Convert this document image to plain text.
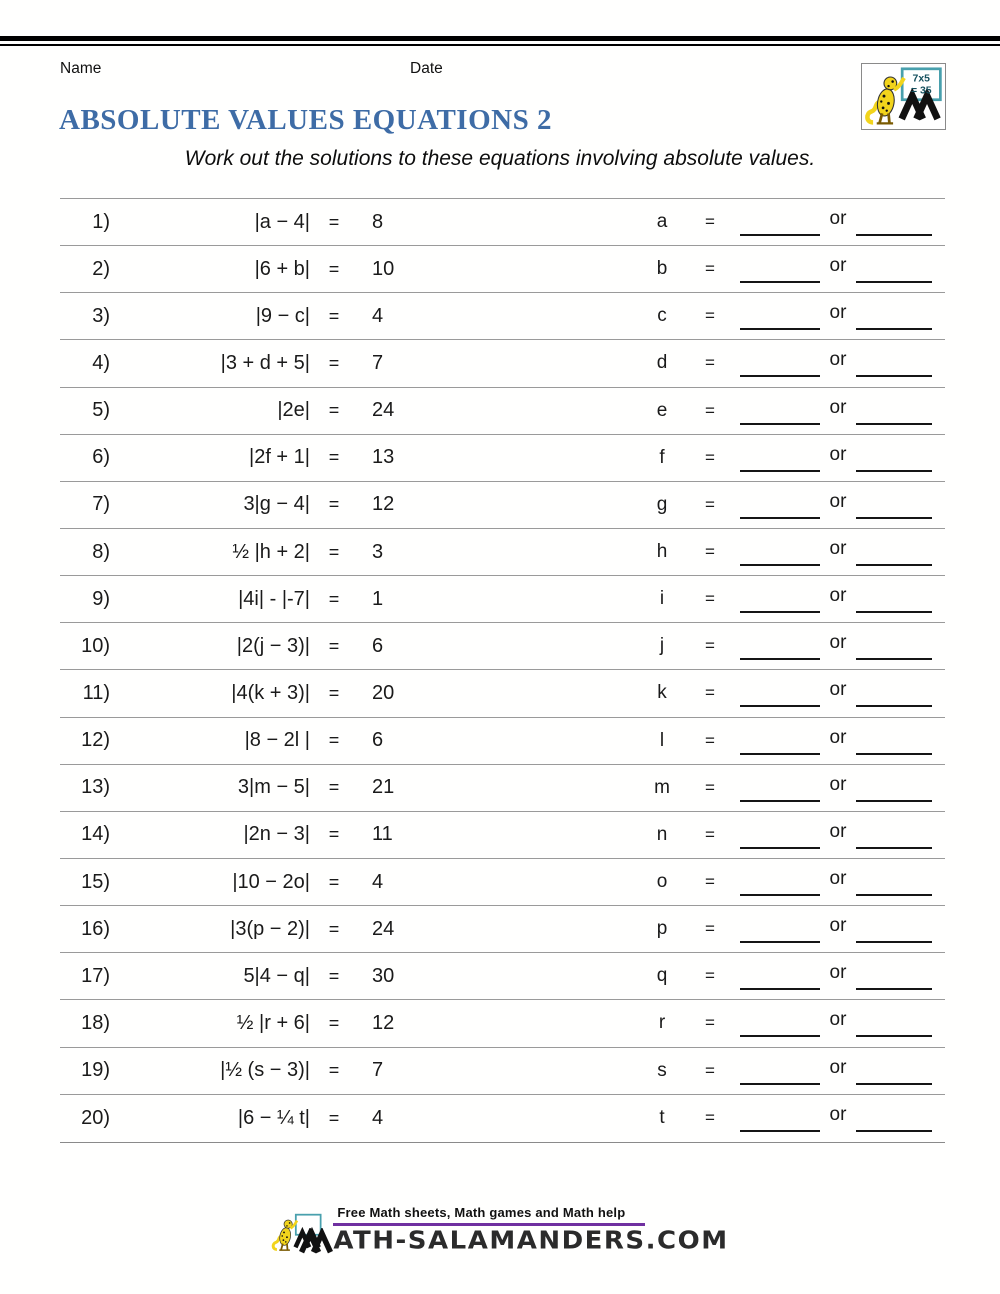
Name	Date
7x5
= 35
ABSOLUTE VALUES EQUATIONS 2
Work out the solutions to these equations involving absolute values.
1)	|a − 4|	=	8	a	=	or
2)	|6 + b|	=	10	b	=	or
3)	|9 − c|	=	4	c	=	or
4)	|3 + d + 5|	=	7	d	=	or
5)	|2e|	=	24	e	=	or
6)	|2f + 1|	=	13	f	=	or
7)	3|g − 4|	=	12	g	=	or
8)	½ |h + 2|	=	3	h	=	or
9)	|4i| - |-7|	=	1	i	=	or
10)	|2(j − 3)|	=	6	j	=	or
11)	|4(k + 3)|	=	20	k	=	or
12)	|8 − 2l |	=	6	l	=	or
13)	3|m − 5|	=	21	m	=	or
14)	|2n − 3|	=	11	n	=	or
15)	|10 − 2o|	=	4	o	=	or
16)	|3(p − 2)|	=	24	p	=	or
17)	5|4 − q|	=	30	q	=	or
18)	½ |r + 6|	=	12	r	=	or
19)	|½ (s − 3)|	=	7	s	=	or
20)	|6 − ¼ t|	=	4	t	=	or
Free Math sheets, Math games and Math help
ATH-SALAMANDERS.COM
